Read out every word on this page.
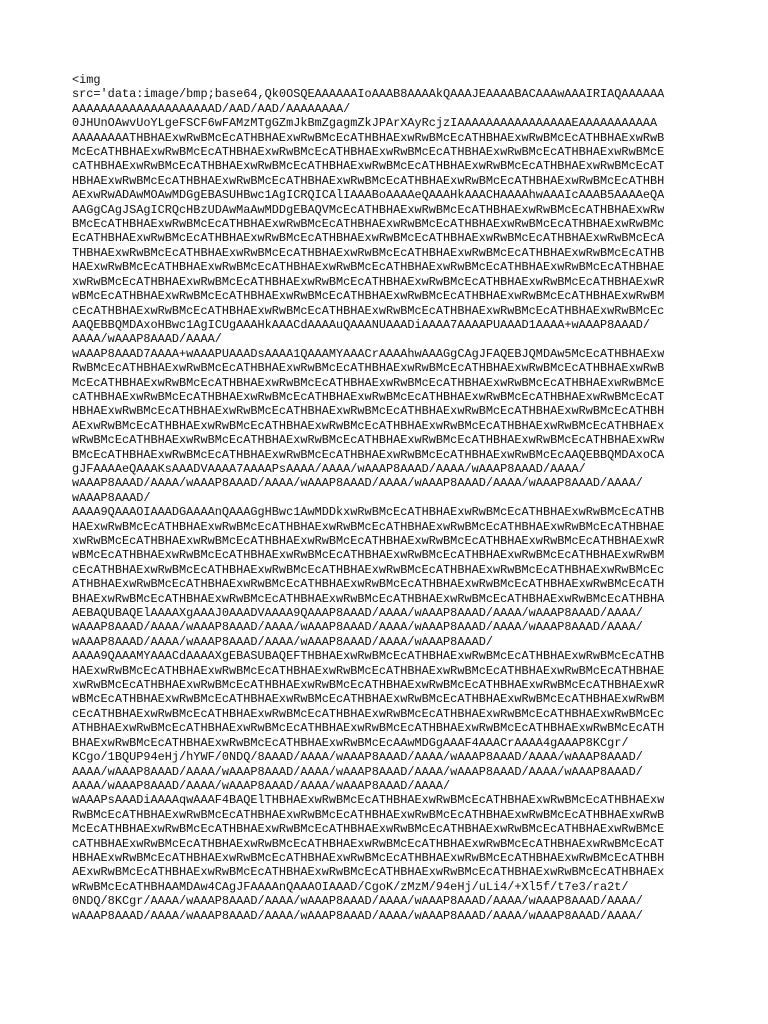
<img
src='data:image/bmp;base64,Qk0OSQEAAAAAAIoAAAB8AAAAkQAAAJEAAAABACAAAwAAAIRIAQAAAAAA
AAAAAAAAAAAAAAAAAAAAD/AAD/AAD/AAAAAAAA/
0JHUnOAwvUoYLgeFSCF6wFAMzMTgGZmJkBmZgagmZkJPArXAyRcjzIAAAAAAAAAAAAAAAAEAAAAAAAAAAA
AAAAAAAATHBHAExwRwBMcEcATHBHAExwRwBMcEcATHBHAExwRwBMcEcATHBHAExwRwBMcEcATHBHAExwRwB
McEcATHBHAExwRwBMcEcATHBHAExwRwBMcEcATHBHAExwRwBMcEcATHBHAExwRwBMcEcATHBHAExwRwBMcE
cATHBHAExwRwBMcEcATHBHAExwRwBMcEcATHBHAExwRwBMcEcATHBHAExwRwBMcEcATHBHAExwRwBMcEcAT
HBHAExwRwBMcEcATHBHAExwRwBMcEcATHBHAExwRwBMcEcATHBHAExwRwBMcEcATHBHAExwRwBMcEcATHBH
AExwRwADAwMOAwMDGgEBASUHBwc1AgICRQICAlIAAABoAAAAeQAAAHkAAACHAAAAhwAAAIcAAAB5AAAAeQA
AAGgCAgJSAgICRQcHBzUDAwMaAwMDDgEBAQVMcEcATHBHAExwRwBMcEcATHBHAExwRwBMcEcATHBHAExwRw
BMcEcATHBHAExwRwBMcEcATHBHAExwRwBMcEcATHBHAExwRwBMcEcATHBHAExwRwBMcEcATHBHAExwRwBMc
EcATHBHAExwRwBMcEcATHBHAExwRwBMcEcATHBHAExwRwBMcEcATHBHAExwRwBMcEcATHBHAExwRwBMcEcA
THBHAExwRwBMcEcATHBHAExwRwBMcEcATHBHAExwRwBMcEcATHBHAExwRwBMcEcATHBHAExwRwBMcEcATHB
HAExwRwBMcEcATHBHAExwRwBMcEcATHBHAExwRwBMcEcATHBHAExwRwBMcEcATHBHAExwRwBMcEcATHBHAE
xwRwBMcEcATHBHAExwRwBMcEcATHBHAExwRwBMcEcATHBHAExwRwBMcEcATHBHAExwRwBMcEcATHBHAExwR
wBMcEcATHBHAExwRwBMcEcATHBHAExwRwBMcEcATHBHAExwRwBMcEcATHBHAExwRwBMcEcATHBHAExwRwBM
cEcATHBHAExwRwBMcEcATHBHAExwRwBMcEcATHBHAExwRwBMcEcATHBHAExwRwBMcEcATHBHAExwRwBMcEc
AAQEBBQMDAxoHBwc1AgICUgAAAHkAAACdAAAAuQAAANUAAADiAAAA7AAAAPUAAAD1AAAA+wAAAP8AAAD/
AAAA/wAAAP8AAAD/AAAA/
wAAAP8AAAD7AAAA+wAAAPUAAADsAAAA1QAAAMYAAACrAAAAhwAAAGgCAgJFAQEBJQMDAw5McEcATHBHAExw
RwBMcEcATHBHAExwRwBMcEcATHBHAExwRwBMcEcATHBHAExwRwBMcEcATHBHAExwRwBMcEcATHBHAExwRwB
McEcATHBHAExwRwBMcEcATHBHAExwRwBMcEcATHBHAExwRwBMcEcATHBHAExwRwBMcEcATHBHAExwRwBMcE
cATHBHAExwRwBMcEcATHBHAExwRwBMcEcATHBHAExwRwBMcEcATHBHAExwRwBMcEcATHBHAExwRwBMcEcAT
HBHAExwRwBMcEcATHBHAExwRwBMcEcATHBHAExwRwBMcEcATHBHAExwRwBMcEcATHBHAExwRwBMcEcATHBH
AExwRwBMcEcATHBHAExwRwBMcEcATHBHAExwRwBMcEcATHBHAExwRwBMcEcATHBHAExwRwBMcEcATHBHAEx
wRwBMcEcATHBHAExwRwBMcEcATHBHAExwRwBMcEcATHBHAExwRwBMcEcATHBHAExwRwBMcEcATHBHAExwRw
BMcEcATHBHAExwRwBMcEcATHBHAExwRwBMcEcATHBHAExwRwBMcEcATHBHAExwRwBMcEcAAQEBBQMDAxoCA
gJFAAAAeQAAAKsAAADVAAAA7AAAAPsAAAA/AAAA/wAAAP8AAAD/AAAA/wAAAP8AAAD/AAAA/
wAAAP8AAAD/AAAA/wAAAP8AAAD/AAAA/wAAAP8AAAD/AAAA/wAAAP8AAAD/AAAA/wAAAP8AAAD/AAAA/
wAAAP8AAAD/
AAAA9QAAAOIAAADGAAAAnQAAAGgHBwc1AwMDDkxwRwBMcEcATHBHAExwRwBMcEcATHBHAExwRwBMcEcATHB
HAExwRwBMcEcATHBHAExwRwBMcEcATHBHAExwRwBMcEcATHBHAExwRwBMcEcATHBHAExwRwBMcEcATHBHAE
xwRwBMcEcATHBHAExwRwBMcEcATHBHAExwRwBMcEcATHBHAExwRwBMcEcATHBHAExwRwBMcEcATHBHAExwR
wBMcEcATHBHAExwRwBMcEcATHBHAExwRwBMcEcATHBHAExwRwBMcEcATHBHAExwRwBMcEcATHBHAExwRwBM
cEcATHBHAExwRwBMcEcATHBHAExwRwBMcEcATHBHAExwRwBMcEcATHBHAExwRwBMcEcATHBHAExwRwBMcEc
ATHBHAExwRwBMcEcATHBHAExwRwBMcEcATHBHAExwRwBMcEcATHBHAExwRwBMcEcATHBHAExwRwBMcEcATH
BHAExwRwBMcEcATHBHAExwRwBMcEcATHBHAExwRwBMcEcATHBHAExwRwBMcEcATHBHAExwRwBMcEcATHBHA
AEBAQUBAQElAAAAXgAAAJ0AAADVAAAA9QAAAP8AAAD/AAAA/wAAAP8AAAD/AAAA/wAAAP8AAAD/AAAA/
wAAAP8AAAD/AAAA/wAAAP8AAAD/AAAA/wAAAP8AAAD/AAAA/wAAAP8AAAD/AAAA/wAAAP8AAAD/AAAA/
wAAAP8AAAD/AAAA/wAAAP8AAAD/AAAA/wAAAP8AAAD/AAAA/wAAAP8AAAD/
AAAA9QAAAMYAAACdAAAAXgEBASUBAQEFTHBHAExwRwBMcEcATHBHAExwRwBMcEcATHBHAExwRwBMcEcATHB
HAExwRwBMcEcATHBHAExwRwBMcEcATHBHAExwRwBMcEcATHBHAExwRwBMcEcATHBHAExwRwBMcEcATHBHAE
xwRwBMcEcATHBHAExwRwBMcEcATHBHAExwRwBMcEcATHBHAExwRwBMcEcATHBHAExwRwBMcEcATHBHAExwR
wBMcEcATHBHAExwRwBMcEcATHBHAExwRwBMcEcATHBHAExwRwBMcEcATHBHAExwRwBMcEcATHBHAExwRwBM
cEcATHBHAExwRwBMcEcATHBHAExwRwBMcEcATHBHAExwRwBMcEcATHBHAExwRwBMcEcATHBHAExwRwBMcEc
ATHBHAExwRwBMcEcATHBHAExwRwBMcEcATHBHAExwRwBMcEcATHBHAExwRwBMcEcATHBHAExwRwBMcEcATH
BHAExwRwBMcEcATHBHAExwRwBMcEcATHBHAExwRwBMcEcAAwMDGgAAAF4AAACrAAAA4gAAAP8KCgr/
KCgo/1BQUP94eHj/hYWF/0NDQ/8AAAD/AAAA/wAAAP8AAAD/AAAA/wAAAP8AAAD/AAAA/wAAAP8AAAD/
AAAA/wAAAP8AAAD/AAAA/wAAAP8AAAD/AAAA/wAAAP8AAAD/AAAA/wAAAP8AAAD/AAAA/wAAAP8AAAD/
AAAA/wAAAP8AAAD/AAAA/wAAAP8AAAD/AAAA/wAAAP8AAAD/AAAA/
wAAAPsAAADiAAAAqwAAAF4BAQElTHBHAExwRwBMcEcATHBHAExwRwBMcEcATHBHAExwRwBMcEcATHBHAExw
RwBMcEcATHBHAExwRwBMcEcATHBHAExwRwBMcEcATHBHAExwRwBMcEcATHBHAExwRwBMcEcATHBHAExwRwB
McEcATHBHAExwRwBMcEcATHBHAExwRwBMcEcATHBHAExwRwBMcEcATHBHAExwRwBMcEcATHBHAExwRwBMcE
cATHBHAExwRwBMcEcATHBHAExwRwBMcEcATHBHAExwRwBMcEcATHBHAExwRwBMcEcATHBHAExwRwBMcEcAT
HBHAExwRwBMcEcATHBHAExwRwBMcEcATHBHAExwRwBMcEcATHBHAExwRwBMcEcATHBHAExwRwBMcEcATHBH
AExwRwBMcEcATHBHAExwRwBMcEcATHBHAExwRwBMcEcATHBHAExwRwBMcEcATHBHAExwRwBMcEcATHBHAEx
wRwBMcEcATHBHAAMDAw4CAgJFAAAAnQAAAOIAAAD/CgoK/zMzM/94eHj/uLi4/+Xl5f/t7e3/ra2t/
0NDQ/8KCgr/AAAA/wAAAP8AAAD/AAAA/wAAAP8AAAD/AAAA/wAAAP8AAAD/AAAA/wAAAP8AAAD/AAAA/
wAAAP8AAAD/AAAA/wAAAP8AAAD/AAAA/wAAAP8AAAD/AAAA/wAAAP8AAAD/AAAA/wAAAP8AAAD/AAAA/
